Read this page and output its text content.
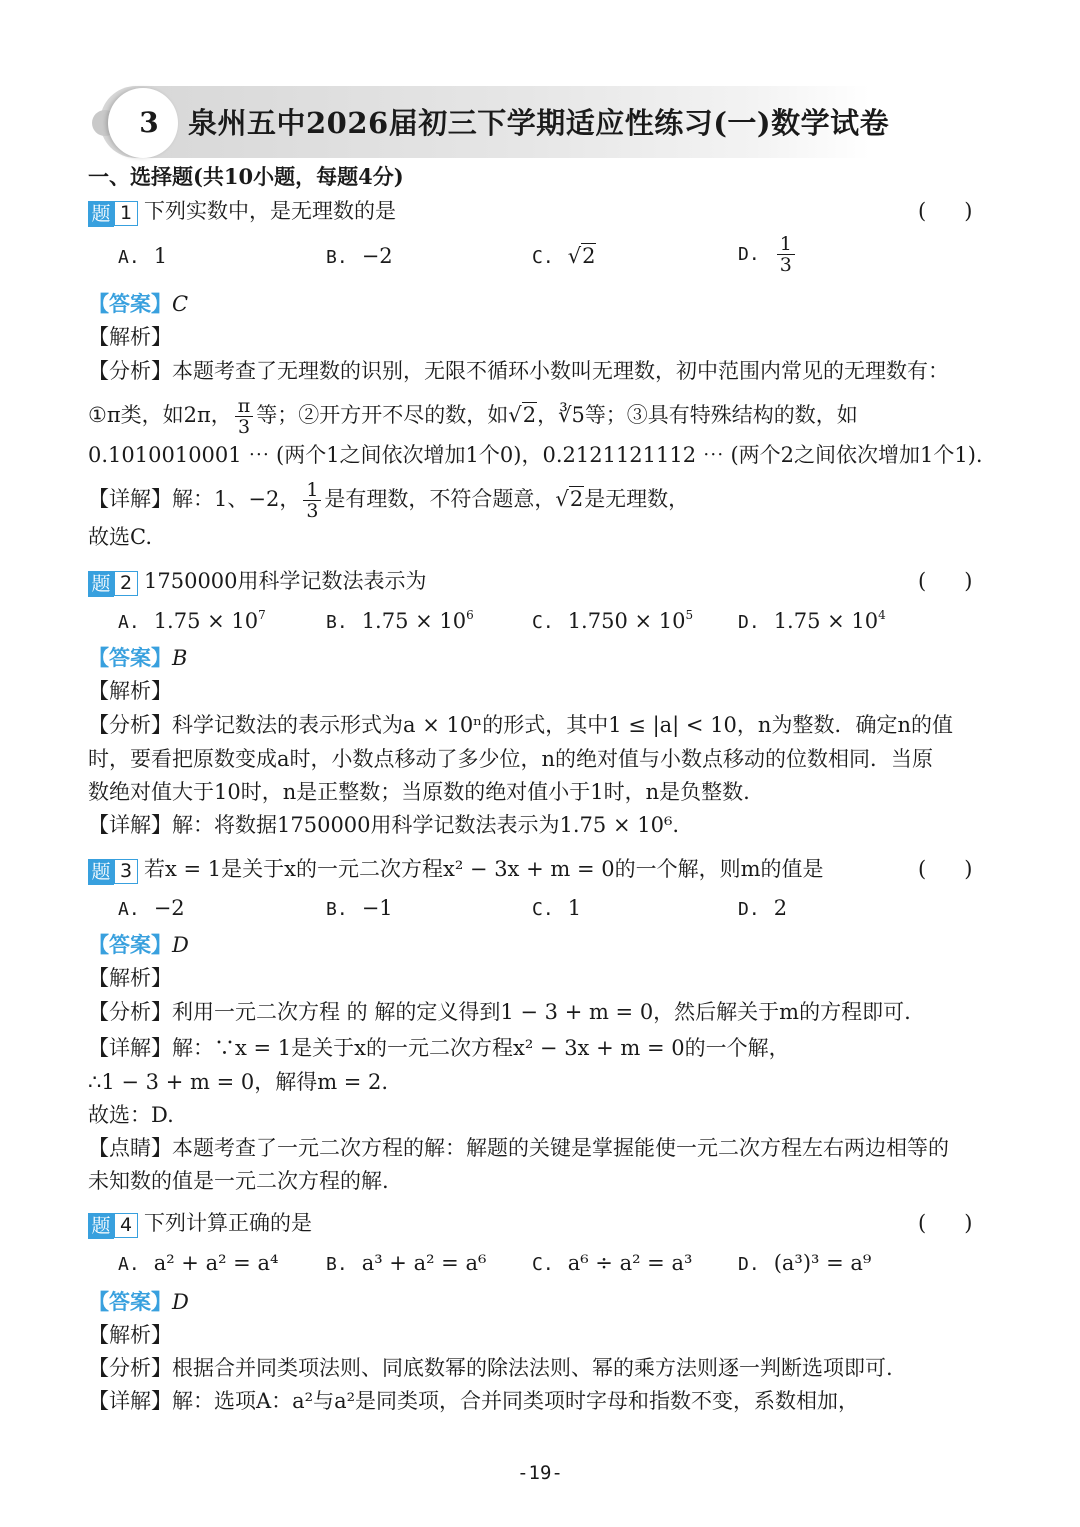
3	泉州五中2026届初三下学期适应性练习(一)数学试卷
一、选择题(共10小题，每题4分)
题 1 下列实数中，是无理数的是	()
A. 1	B. −2	C. √2	D. $\frac{1}{3}$
【答案】C
【解析】
【分析】本题考查了无理数的识别，无限不循环小数叫无理数，初中范围内常见的无理数有：
①π类，如2π， $\frac{\pi}{3}$ 等；②开方开不尽的数，如√2，∛5等；③具有特殊结构的数，如
0.1010010001 ⋯ (两个1之间依次增加1个0)，0.2121121112 ⋯ (两个2之间依次增加1个1).
【详解】解：1、−2， $\frac{1}{3}$ 是有理数，不符合题意，√2是无理数，
故选C.
题 2 1750000用科学记数法表示为	()
A. $1.75 \times 10^7$	B. $1.75 \times 10^6$	C. $1.750 \times 10^5$ D. $1.75 \times 10^4$
【答案】B
【解析】
【分析】科学记数法的表示形式为a × 10ⁿ的形式，其中1 ≤ |a| < 10，n为整数．确定n的值
时，要看把原数变成a时，小数点移动了多少位，n的绝对值与小数点移动的位数相同．当原
数绝对值大于10时，n是正整数；当原数的绝对值小于1时，n是负整数.
【详解】解：将数据1750000用科学记数法表示为1.75 × 10⁶.
题 3 若x = 1是关于x的一元二次方程x² − 3x + m = 0的一个解，则m的值是	()
A. −2	B. −1	C. 1	D. 2
【答案】D
【解析】
【分析】利用一元二次方程 的 解的定义得到1 − 3 + m = 0，然后解关于m的方程即可.
【详解】解：∵x = 1是关于x的一元二次方程x² − 3x + m = 0的一个解，
∴1 − 3 + m = 0，解得m = 2.
故选：D.
【点睛】本题考查了一元二次方程的解：解题的关键是掌握能使一元二次方程左右两边相等的
未知数的值是一元二次方程的解.
题 4 下列计算正确的是	()
A. a² + a² = a⁴	B. a³ + a² = a⁶	C. a⁶ ÷ a² = a³	D. (a³)³ = a⁹
【答案】D
【解析】
【分析】根据合并同类项法则、同底数幂的除法法则、幂的乘方法则逐一判断选项即可.
【详解】解：选项A：a²与a²是同类项，合并同类项时字母和指数不变，系数相加，
-19-
